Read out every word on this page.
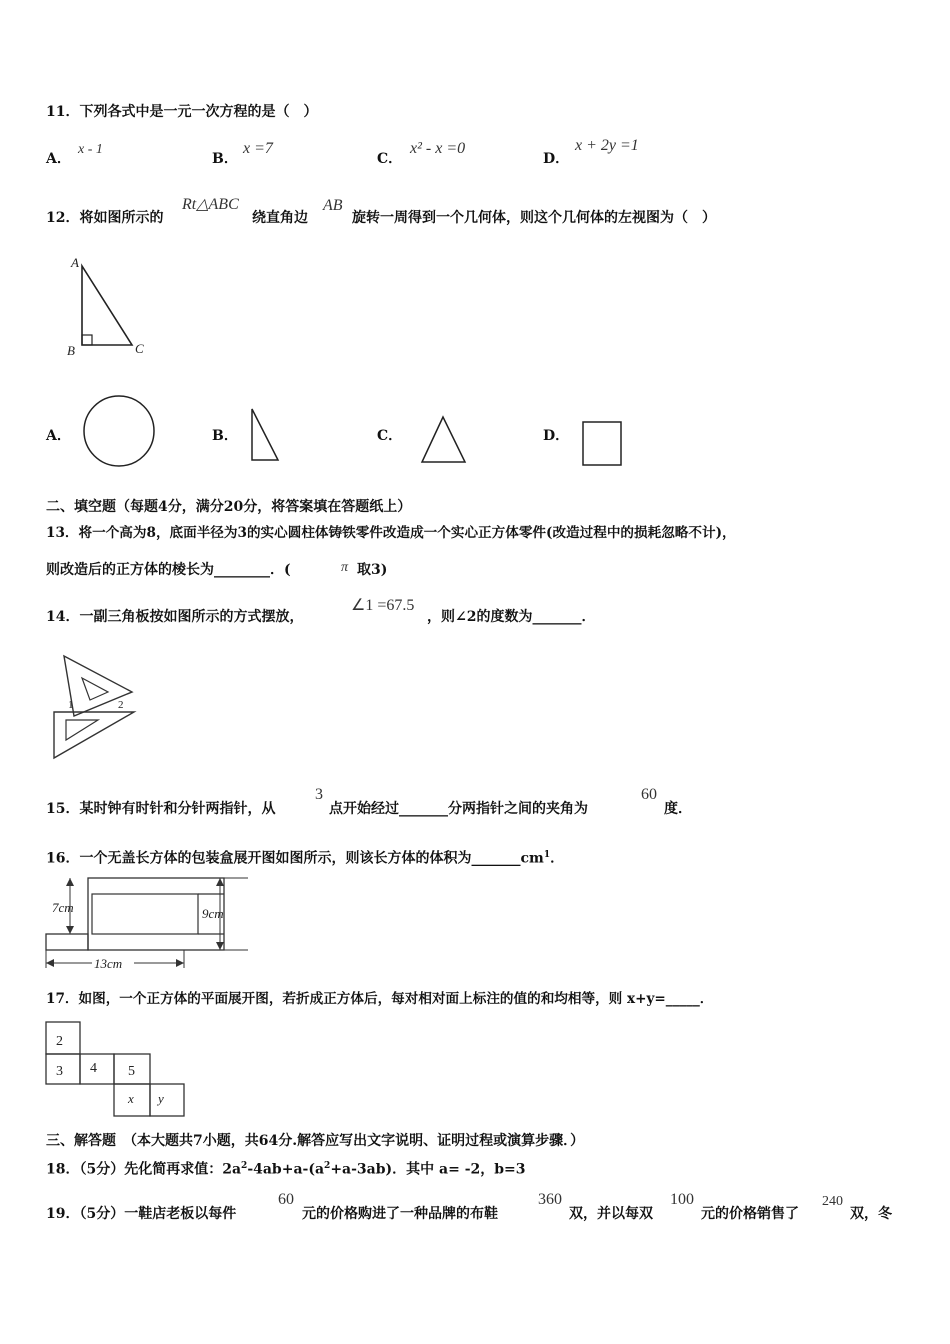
11．下列各式中是一元一次方程的是（　）
A．
x - 1
B．
x =7
C．
x² - x =0
D．
x + 2y =1
12．将如图所示的
Rt△ABC
绕直角边
AB
旋转一周得到一个几何体，则这个几何体的左视图为（　）
A
B	C
A．	B．	C．	D．
二、填空题（每题4分，满分20分，将答案填在答题纸上）
13．将一个高为8，底面半径为3的实心圆柱体铸铁零件改造成一个实心正方体零件(改造过程中的损耗忽略不计)，
则改造后的正方体的棱长为________．(	π 取3)
14．一副三角板按如图所示的方式摆放，
∠1 =67.5
，则∠2的度数为_______．
1	2
15．某时钟有时针和分针两指针，从
3
点开始经过_______分两指针之间的夹角为
60
度．
16．一个无盖长方体的包装盒展开图如图所示，则该长方体的体积为$\_\_\_\_\_\_\_cm^1$．
7cm	9cm
13cm
17．如图，一个正方体的平面展开图，若折成正方体后，每对相对面上标注的值的和均相等，则 x+y=_____．
2
3 4 5
x y
三、解答题　（本大题共7小题，共64分.解答应写出文字说明、证明过程或演算步骤．）
18．（5分）先化简再求值：$2a^2-4ab+a-(a^2+a-3ab)$．其中 a= -2，b=3
19．（5分）一鞋店老板以每件
60
元的价格购进了一种品牌的布鞋
360
双，并以每双
100
元的价格销售了
240
双，冬
